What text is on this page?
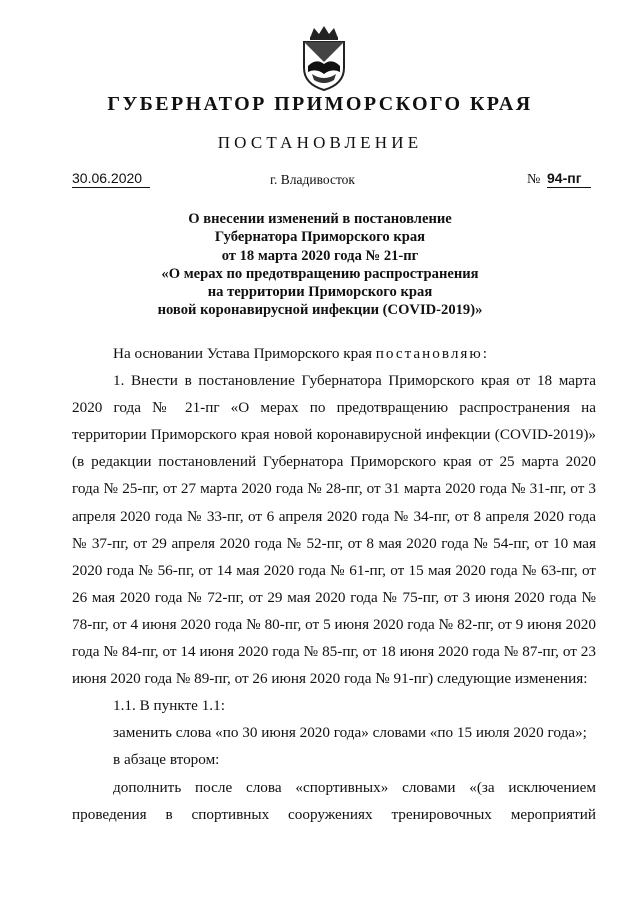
ГУБЕРНАТОР ПРИМОРСКОГО КРАЯ
ПОСТАНОВЛЕНИЕ
30.06.2020	г. Владивосток	№ 94-пг
О внесении изменений в постановление
Губернатора Приморского края
от 18 марта 2020 года № 21-пг
«О мерах по предотвращению распространения
на территории Приморского края
новой коронавирусной инфекции (COVID-2019)»

На основании Устава Приморского края постановляю:

1. Внести в постановление Губернатора Приморского края от 18 марта 2020 года № 21-пг «О мерах по предотвращению распространения на территории Приморского края новой коронавирусной инфекции (COVID-2019)» (в редакции постановлений Губернатора Приморского края от 25 марта 2020 года № 25-пг, от 27 марта 2020 года № 28-пг, от 31 марта 2020 года № 31-пг, от 3 апреля 2020 года № 33-пг, от 6 апреля 2020 года № 34-пг, от 8 апреля 2020 года № 37-пг, от 29 апреля 2020 года № 52-пг, от 8 мая 2020 года № 54-пг, от 10 мая 2020 года № 56-пг, от 14 мая 2020 года № 61-пг, от 15 мая 2020 года № 63-пг, от 26 мая 2020 года № 72-пг, от 29 мая 2020 года № 75-пг, от 3 июня 2020 года № 78-пг, от 4 июня 2020 года № 80-пг, от 5 июня 2020 года № 82-пг, от 9 июня 2020 года № 84-пг, от 14 июня 2020 года № 85-пг, от 18 июня 2020 года № 87-пг, от 23 июня 2020 года № 89-пг, от 26 июня 2020 года № 91-пг) следующие изменения:

1.1. В пункте 1.1:

заменить слова «по 30 июня 2020 года» словами «по 15 июля 2020 года»;

в абзаце втором:

дополнить после слова «спортивных» словами «(за исключением проведения в спортивных сооружениях тренировочных мероприятий
